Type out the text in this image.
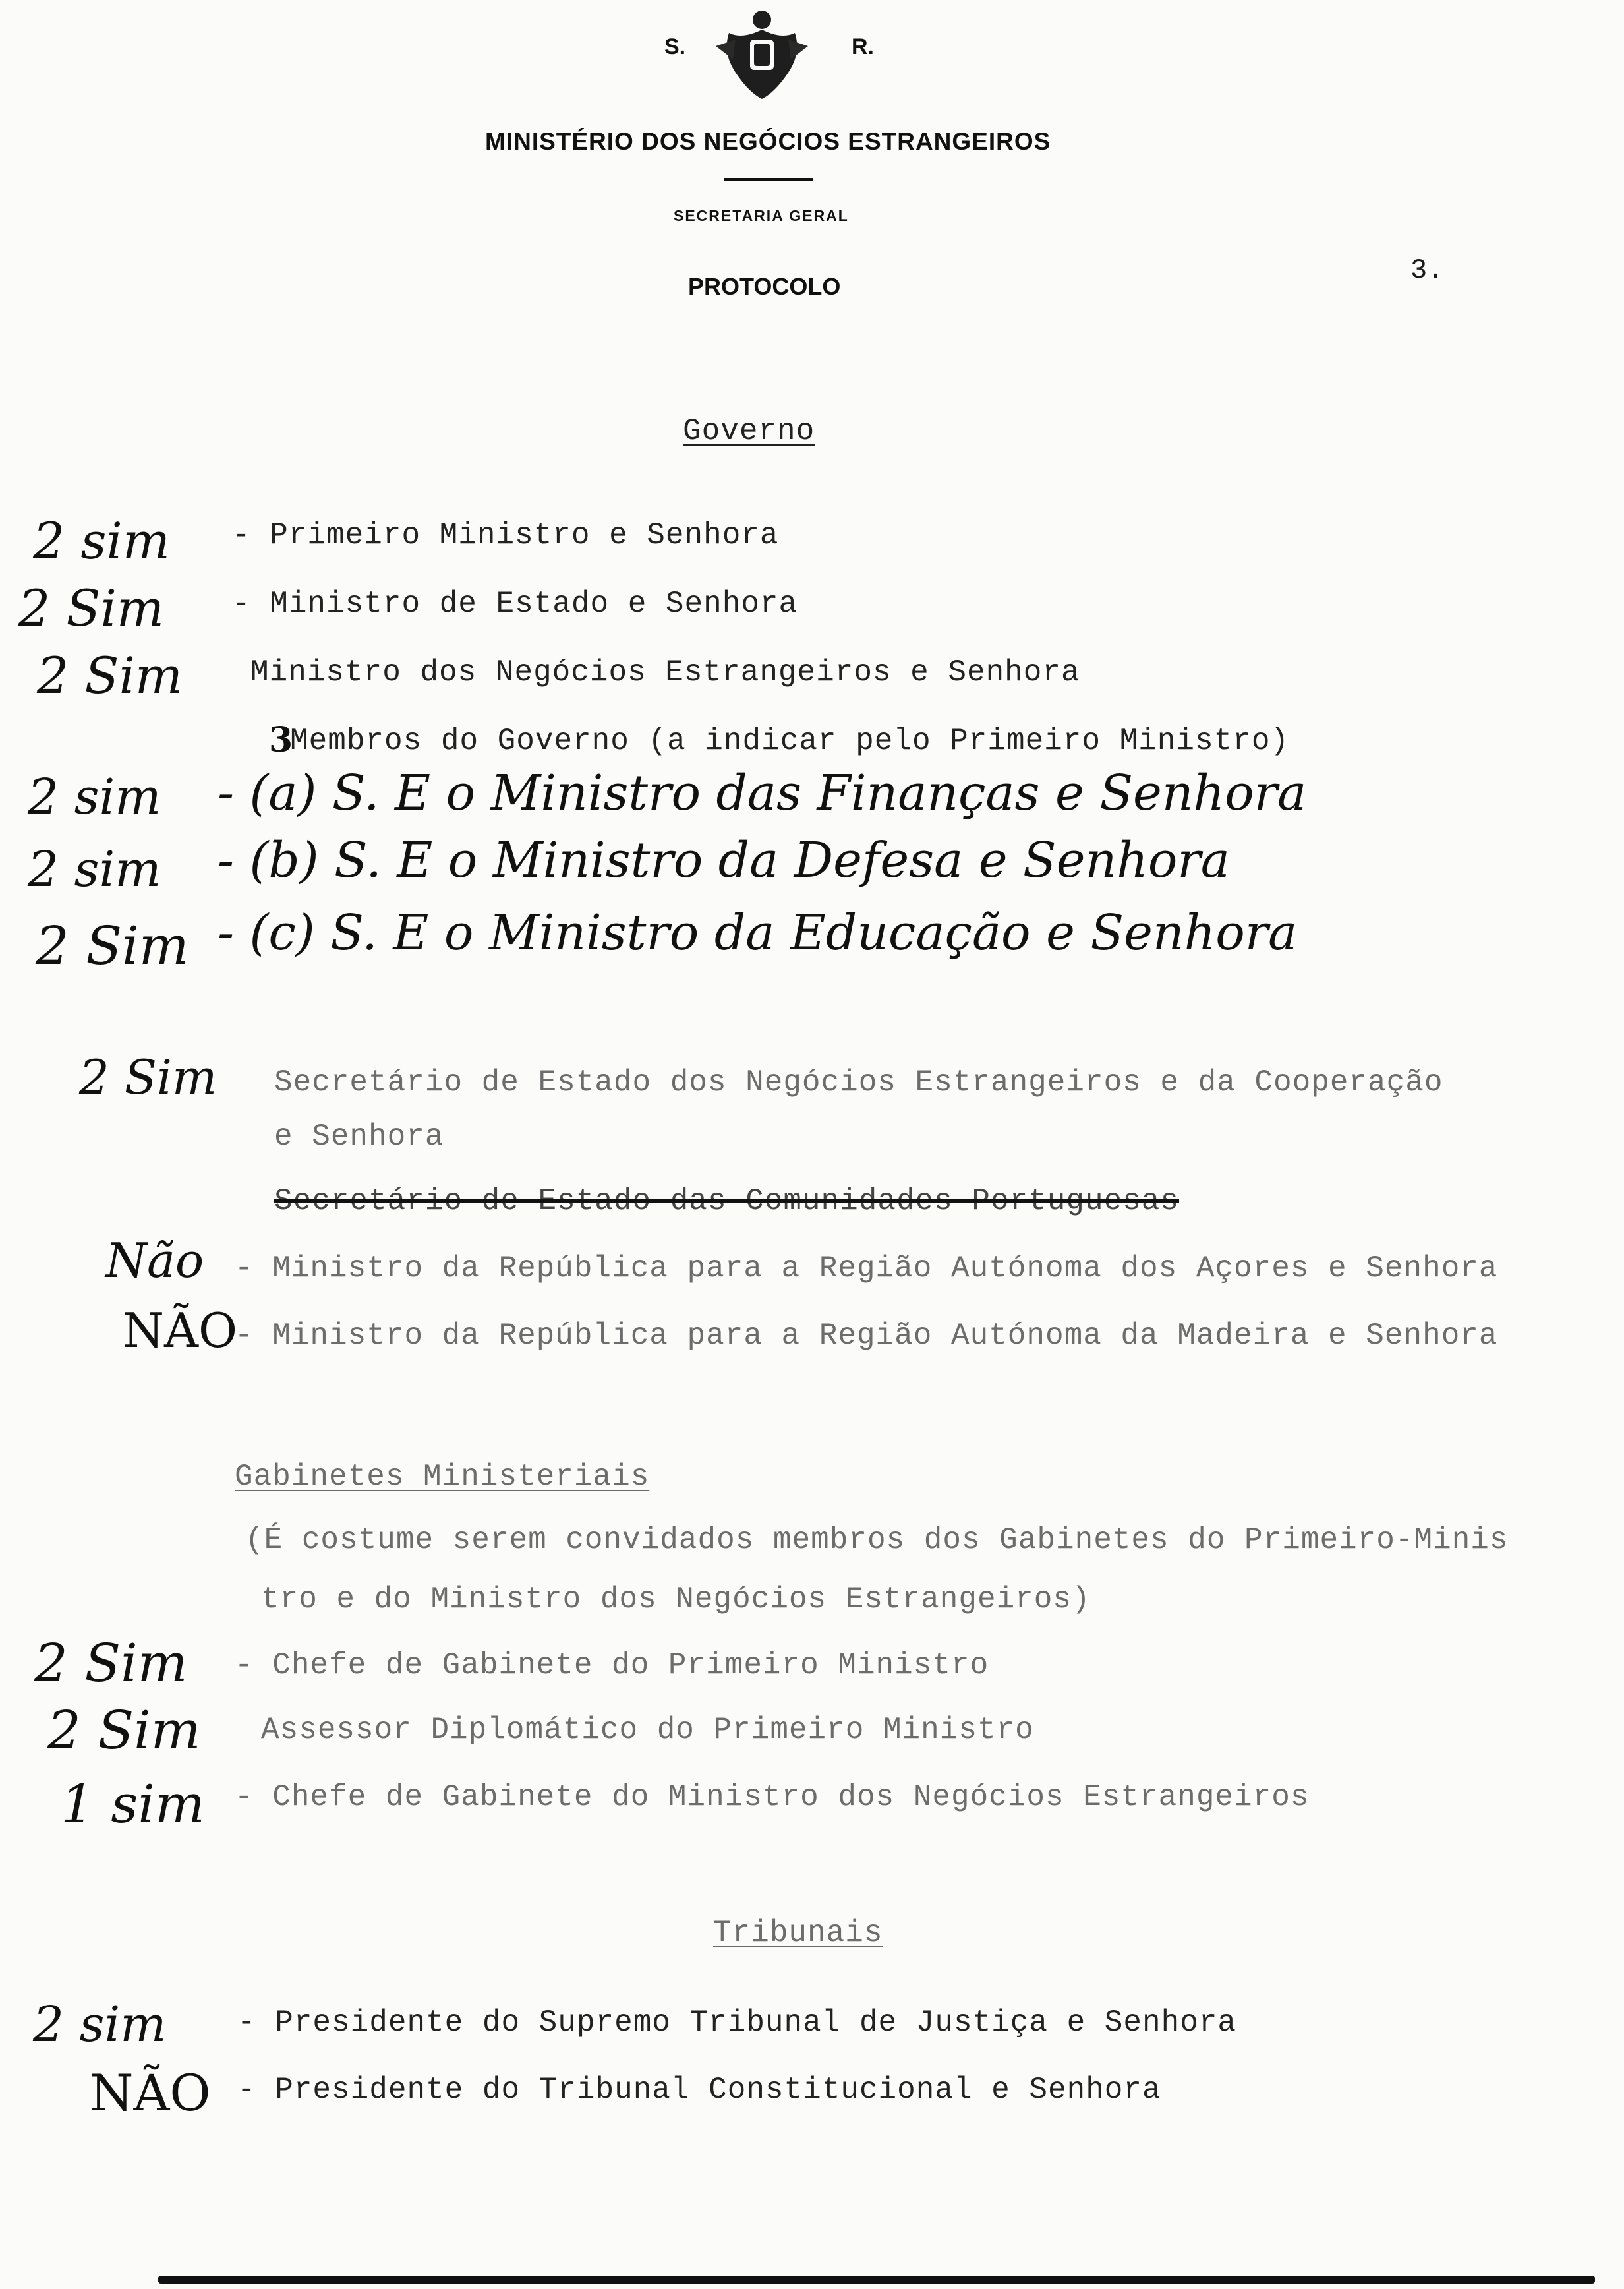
S.	R.
MINISTÉRIO DOS NEGÓCIOS ESTRANGEIROS
SECRETARIA GERAL
PROTOCOLO
3.
Governo
2 sim - Primeiro Ministro e Senhora
2 Sim - Ministro de Estado e Senhora
2 Sim Ministro dos Negócios Estrangeiros e Senhora
3
Membros do Governo (a indicar pelo Primeiro Ministro)
2 sim - (a) S. E o Ministro das Finanças e Senhora
2 sim - (b) S. E o Ministro da Defesa e Senhora
2 Sim - (c) S. E o Ministro da Educação e Senhora
2 Sim Secretário de Estado dos Negócios Estrangeiros e da Cooperação
e Senhora
Secretário de Estado das Comunidades Portuguesas
Não - Ministro da República para a Região Autónoma dos Açores e Senhora
NÃO
- Ministro da República para a Região Autónoma da Madeira e Senhora
Gabinetes Ministeriais
(É costume serem convidados membros dos Gabinetes do Primeiro-Minis
tro e do Ministro dos Negócios Estrangeiros)
2 Sim - Chefe de Gabinete do Primeiro Ministro
2 Sim Assessor Diplomático do Primeiro Ministro
1 sim - Chefe de Gabinete do Ministro dos Negócios Estrangeiros
Tribunais
2 sim - Presidente do Supremo Tribunal de Justiça e Senhora
NÃO - Presidente do Tribunal Constitucional e Senhora
